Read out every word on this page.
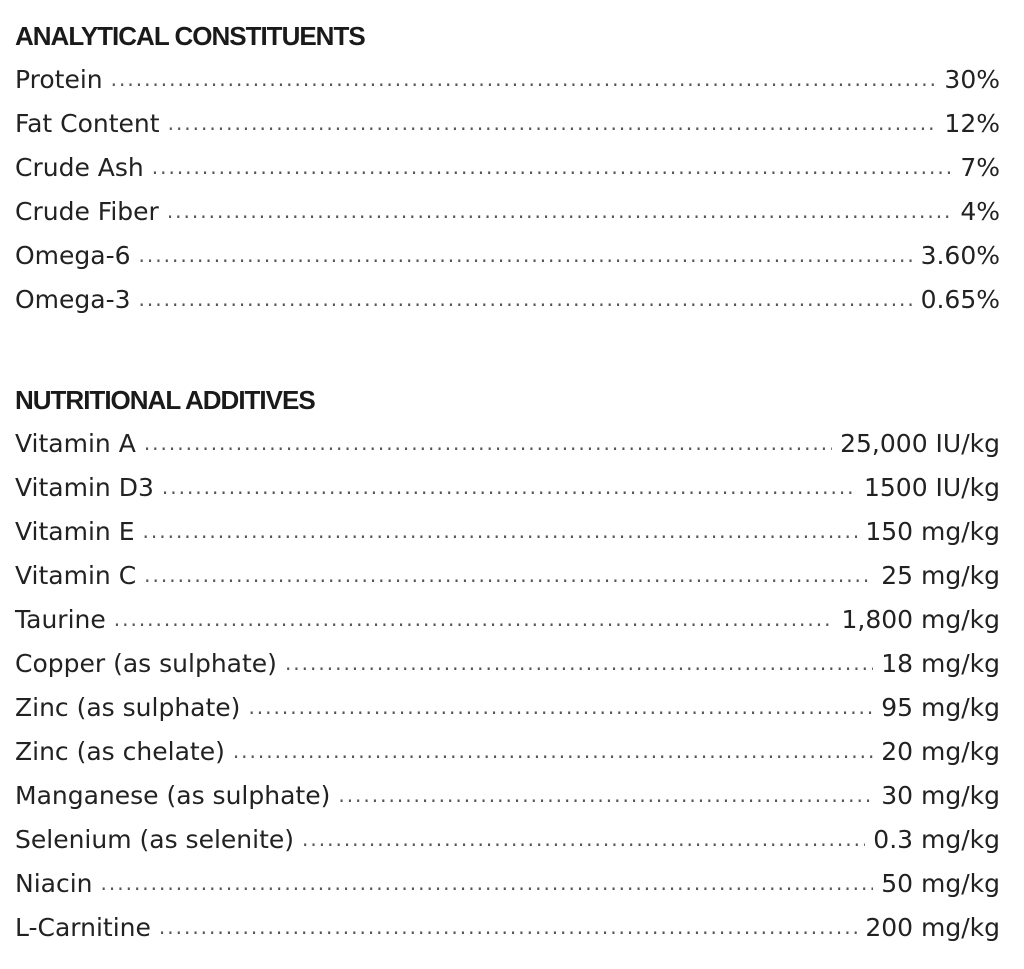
ANALYTICAL CONSTITUENTS
Protein .....	30%
Fat Content .....	12%
Crude Ash .....	7%
Crude Fiber .....	4%
Omega-6 .....	3.60%
Omega-3 .....	0.65%
NUTRITIONAL ADDITIVES
Vitamin A .....	25,000 IU/kg
Vitamin D3 .....	1500 IU/kg
Vitamin E .....	150 mg/kg
Vitamin C .....	25 mg/kg
Taurine .....	1,800 mg/kg
Copper (as sulphate) .....	18 mg/kg
Zinc (as sulphate) .....	95 mg/kg
Zinc (as chelate) .....	20 mg/kg
Manganese (as sulphate) .....	30 mg/kg
Selenium (as selenite) .....	0.3 mg/kg
Niacin .....	50 mg/kg
L-Carnitine .....	200 mg/kg
